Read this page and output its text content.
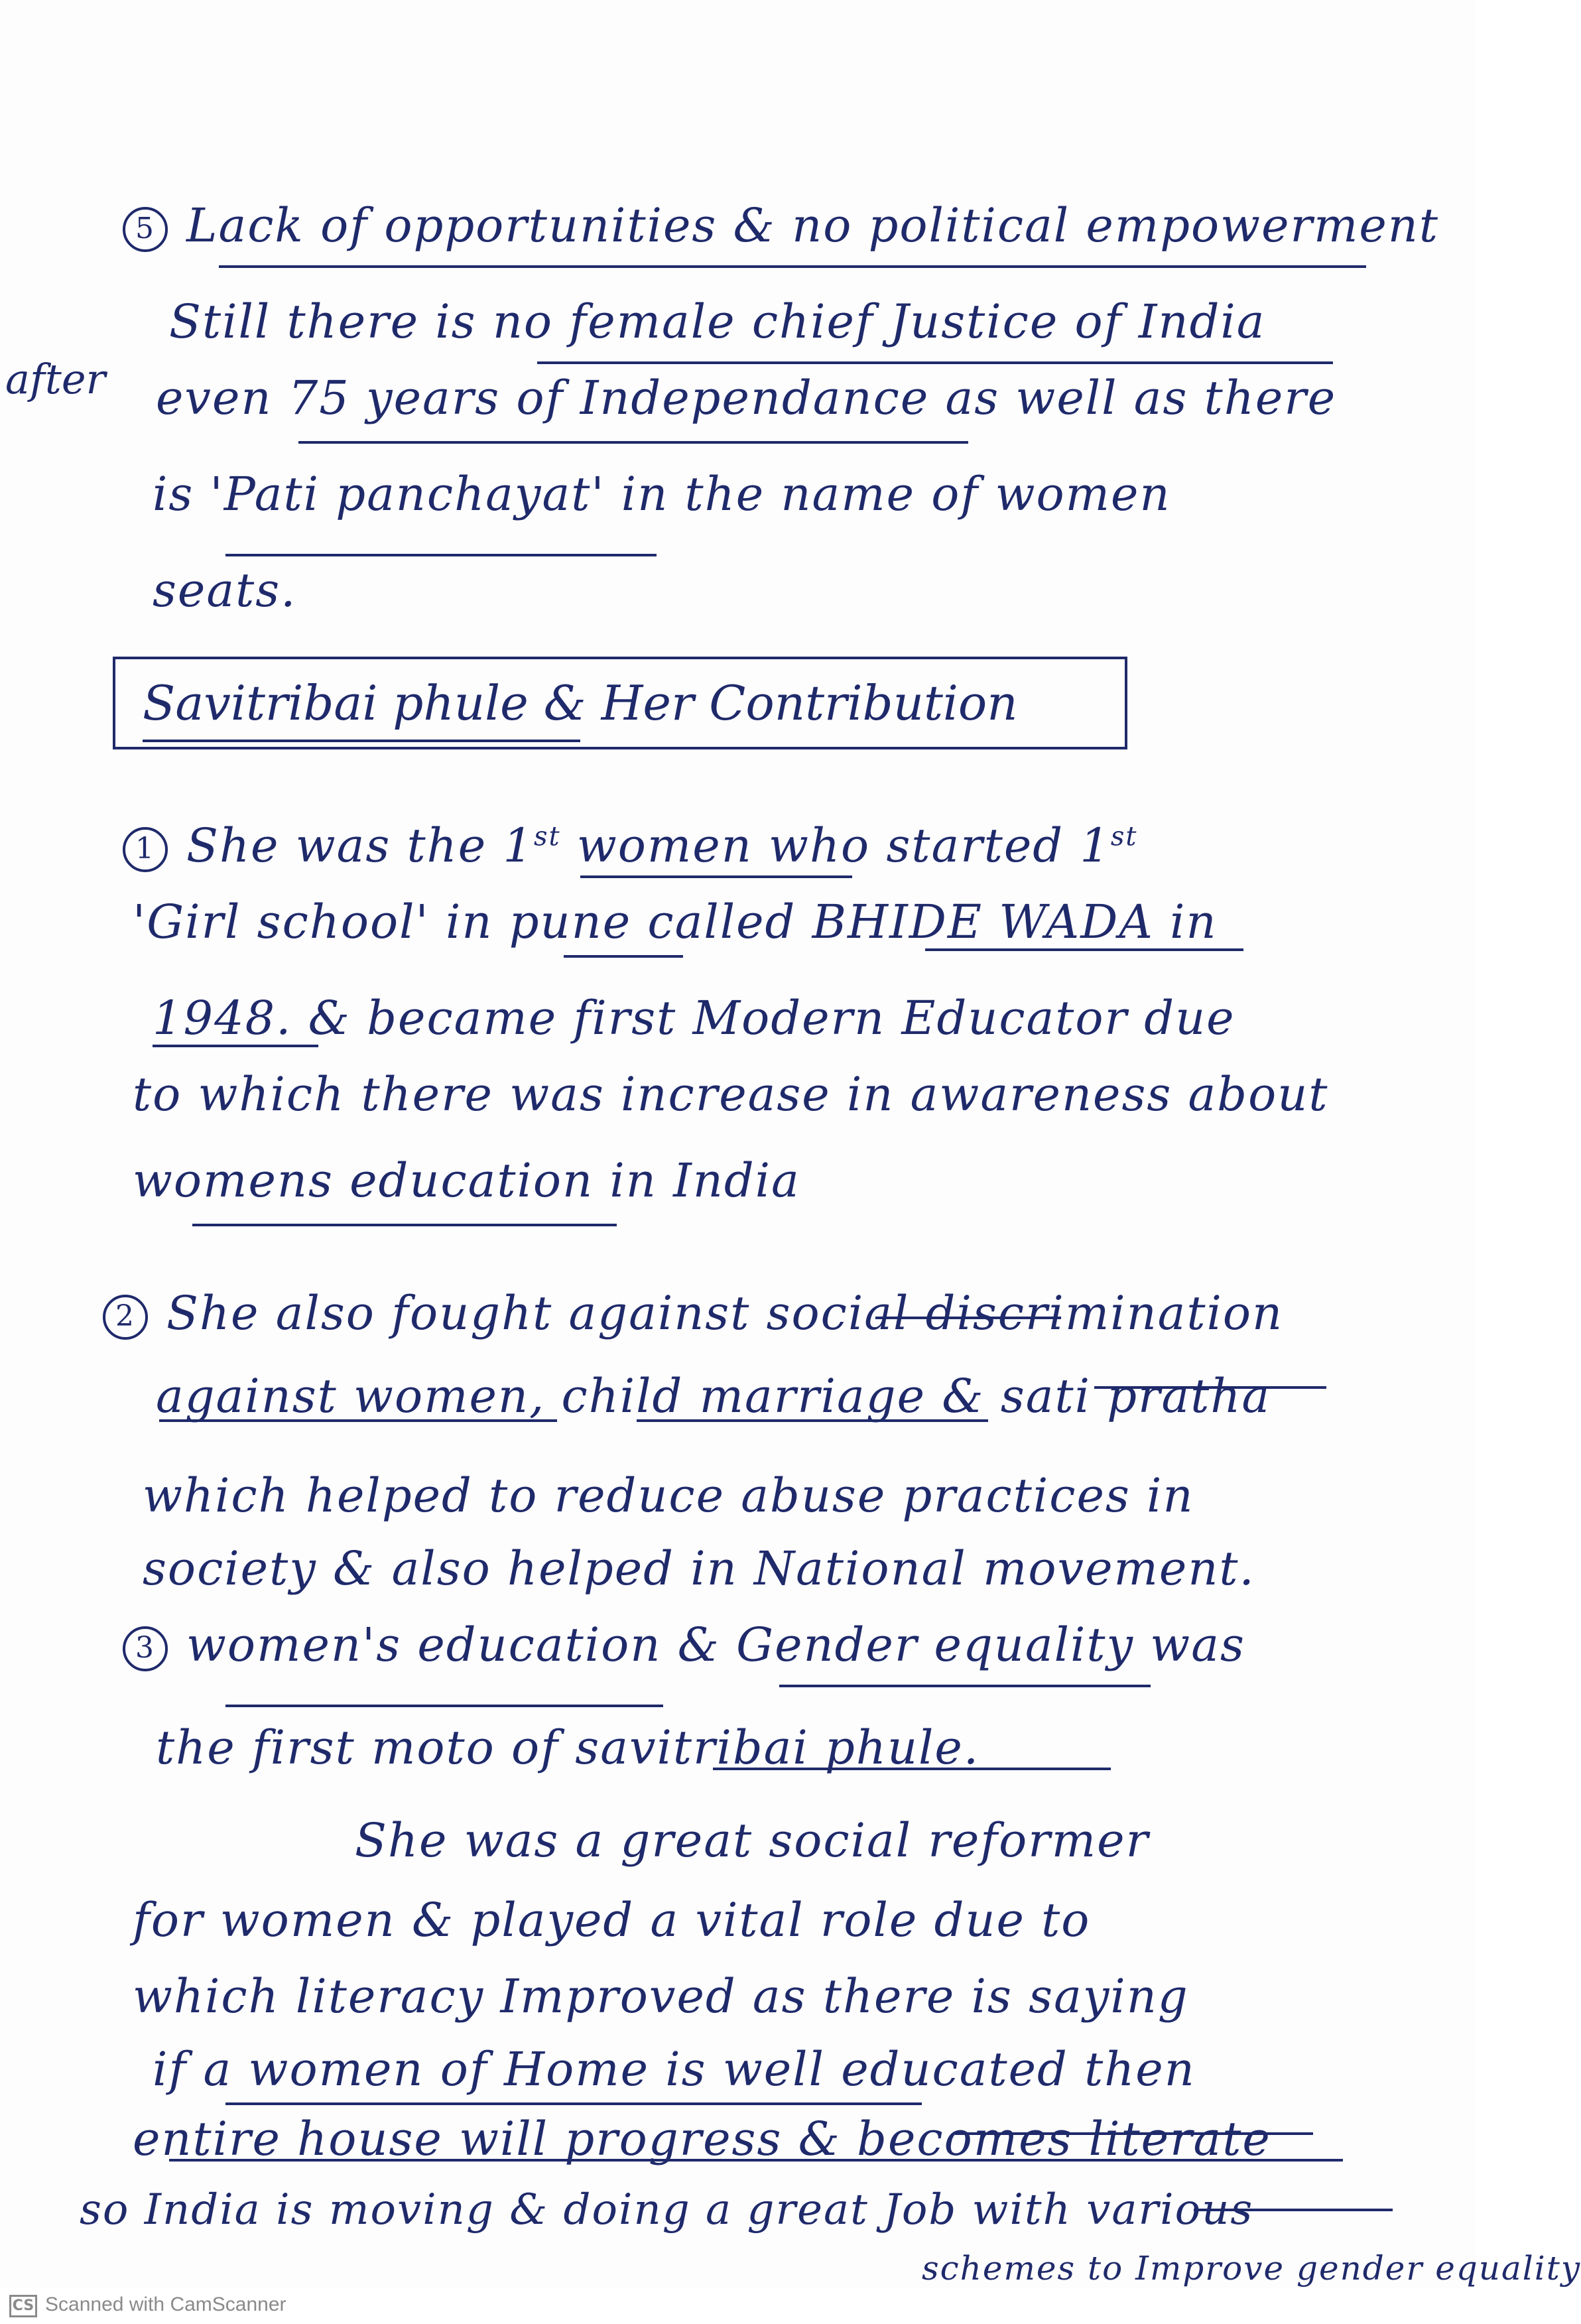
5 Lack of opportunities & no political empowerment
after
Still there is no female chief Justice of India
even 75 years of Independance as well as there
is 'Pati panchayat' in the name of women
seats.
Savitribai phule & Her Contribution
1 She was the 1st women who started 1st
'Girl school' in pune called BHIDE WADA in
1948. & became first Modern Educator due
to which there was increase in awareness about
womens education in India
2 She also fought against social discrimination
against women, child marriage & sati pratha
which helped to reduce abuse practices in
society & also helped in National movement.
3 women's education & Gender equality was
the first moto of savitribai phule.
She was a great social reformer
for women & played a vital role due to
which literacy Improved as there is saying
if a women of Home is well educated then
entire house will progress & becomes literate
so India is moving & doing a great Job with various
schemes to Improve gender equality
CS Scanned with CamScanner
